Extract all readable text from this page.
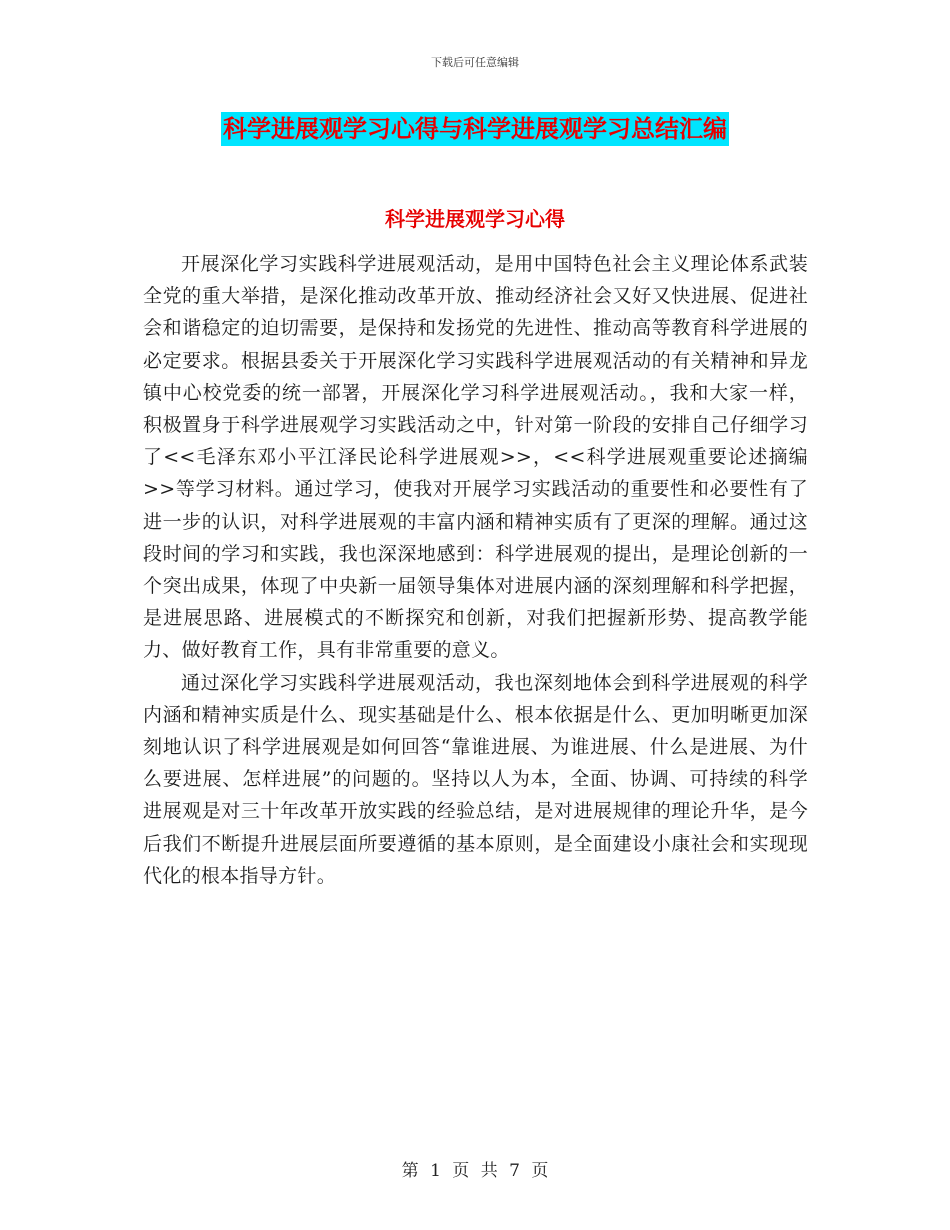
下载后可任意编辑
科学进展观学习心得与科学进展观学习总结汇编
科学进展观学习心得

开展深化学习实践科学进展观活动，是用中国特色社会主义理论体系武装全党的重大举措，是深化推动改革开放、推动经济社会又好又快进展、促进社会和谐稳定的迫切需要，是保持和发扬党的先进性、推动高等教育科学进展的必定要求。根据县委关于开展深化学习实践科学进展观活动的有关精神和异龙镇中心校党委的统一部署，开展深化学习科学进展观活动。，我和大家一样，积极置身于科学进展观学习实践活动之中，针对第一阶段的安排自己仔细学习了<<毛泽东邓小平江泽民论科学进展观>>，<<科学进展观重要论述摘编>>等学习材料。通过学习，使我对开展学习实践活动的重要性和必要性有了进一步的认识，对科学进展观的丰富内涵和精神实质有了更深的理解。通过这段时间的学习和实践，我也深深地感到：科学进展观的提出，是理论创新的一个突出成果，体现了中央新一届领导集体对进展内涵的深刻理解和科学把握，是进展思路、进展模式的不断探究和创新，对我们把握新形势、提高教学能力、做好教育工作，具有非常重要的意义。

通过深化学习实践科学进展观活动，我也深刻地体会到科学进展观的科学内涵和精神实质是什么、现实基础是什么、根本依据是什么、更加明晰更加深刻地认识了科学进展观是如何回答“靠谁进展、为谁进展、什么是进展、为什么要进展、怎样进展”的问题的。坚持以人为本，全面、协调、可持续的科学进展观是对三十年改革开放实践的经验总结，是对进展规律的理论升华，是今后我们不断提升进展层面所要遵循的基本原则，是全面建设小康社会和实现现代化的根本指导方针。

第 1 页 共 7 页
